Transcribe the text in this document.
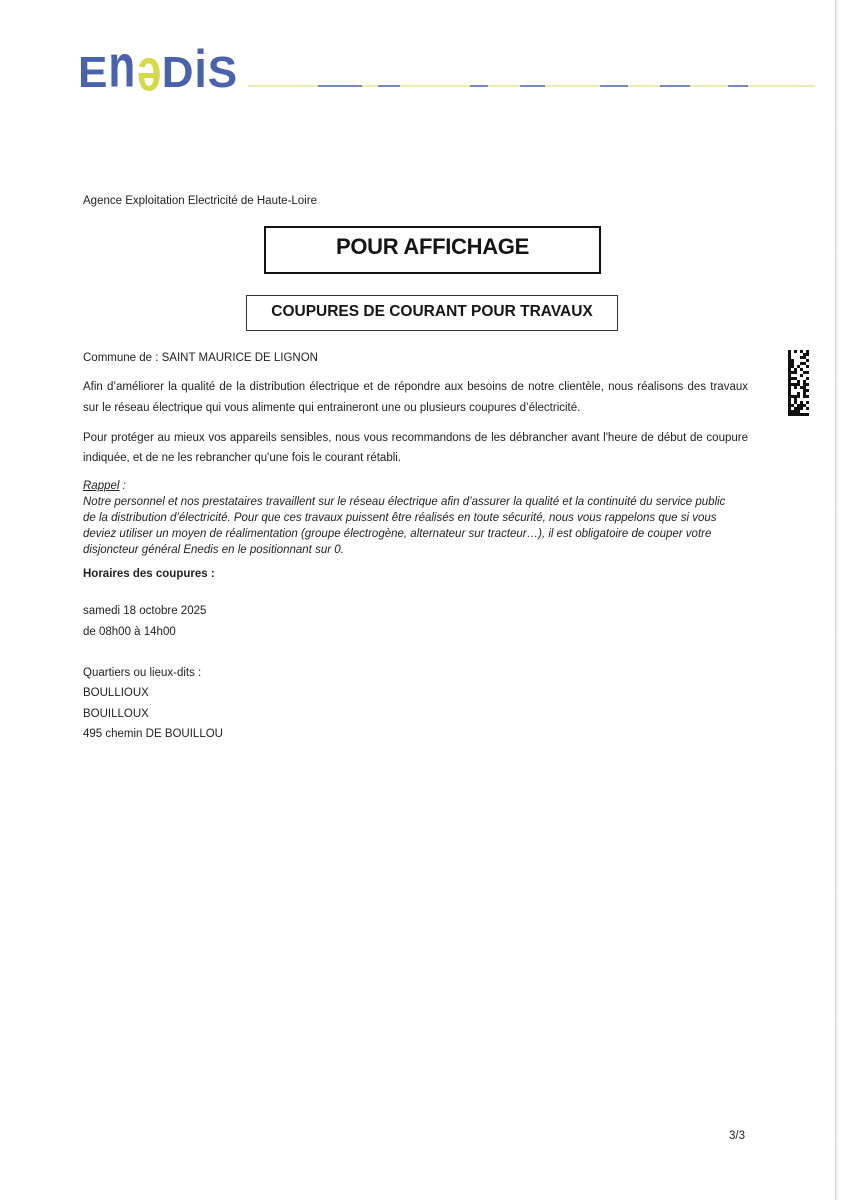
EneDiS
Agence Exploitation Electricité de Haute-Loire
POUR AFFICHAGE
COUPURES DE COURANT POUR TRAVAUX
Commune de : SAINT MAURICE DE LIGNON
Afin d’améliorer la qualité de la distribution électrique et de répondre aux besoins de notre clientèle, nous réalisons des travaux
sur le réseau électrique qui vous alimente qui entraineront une ou plusieurs coupures d’électricité.
Pour protéger au mieux vos appareils sensibles, nous vous recommandons de les débrancher avant l'heure de début de coupure
indiquée, et de ne les rebrancher qu'une fois le courant rétabli.
Rappel :
Notre personnel et nos prestataires travaillent sur le réseau électrique afin d’assurer la qualité et la continuité du service public
de la distribution d’électricité. Pour que ces travaux puissent être réalisés en toute sécurité, nous vous rappelons que si vous
deviez utiliser un moyen de réalimentation (groupe électrogène, alternateur sur tracteur…), il est obligatoire de couper votre
disjoncteur général Enedis en le positionnant sur 0.
Horaires des coupures :
samedi 18 octobre 2025
de 08h00 à 14h00
Quartiers ou lieux-dits :
BOULLIOUX
BOUILLOUX
495 chemin DE BOUILLOU
3/3
